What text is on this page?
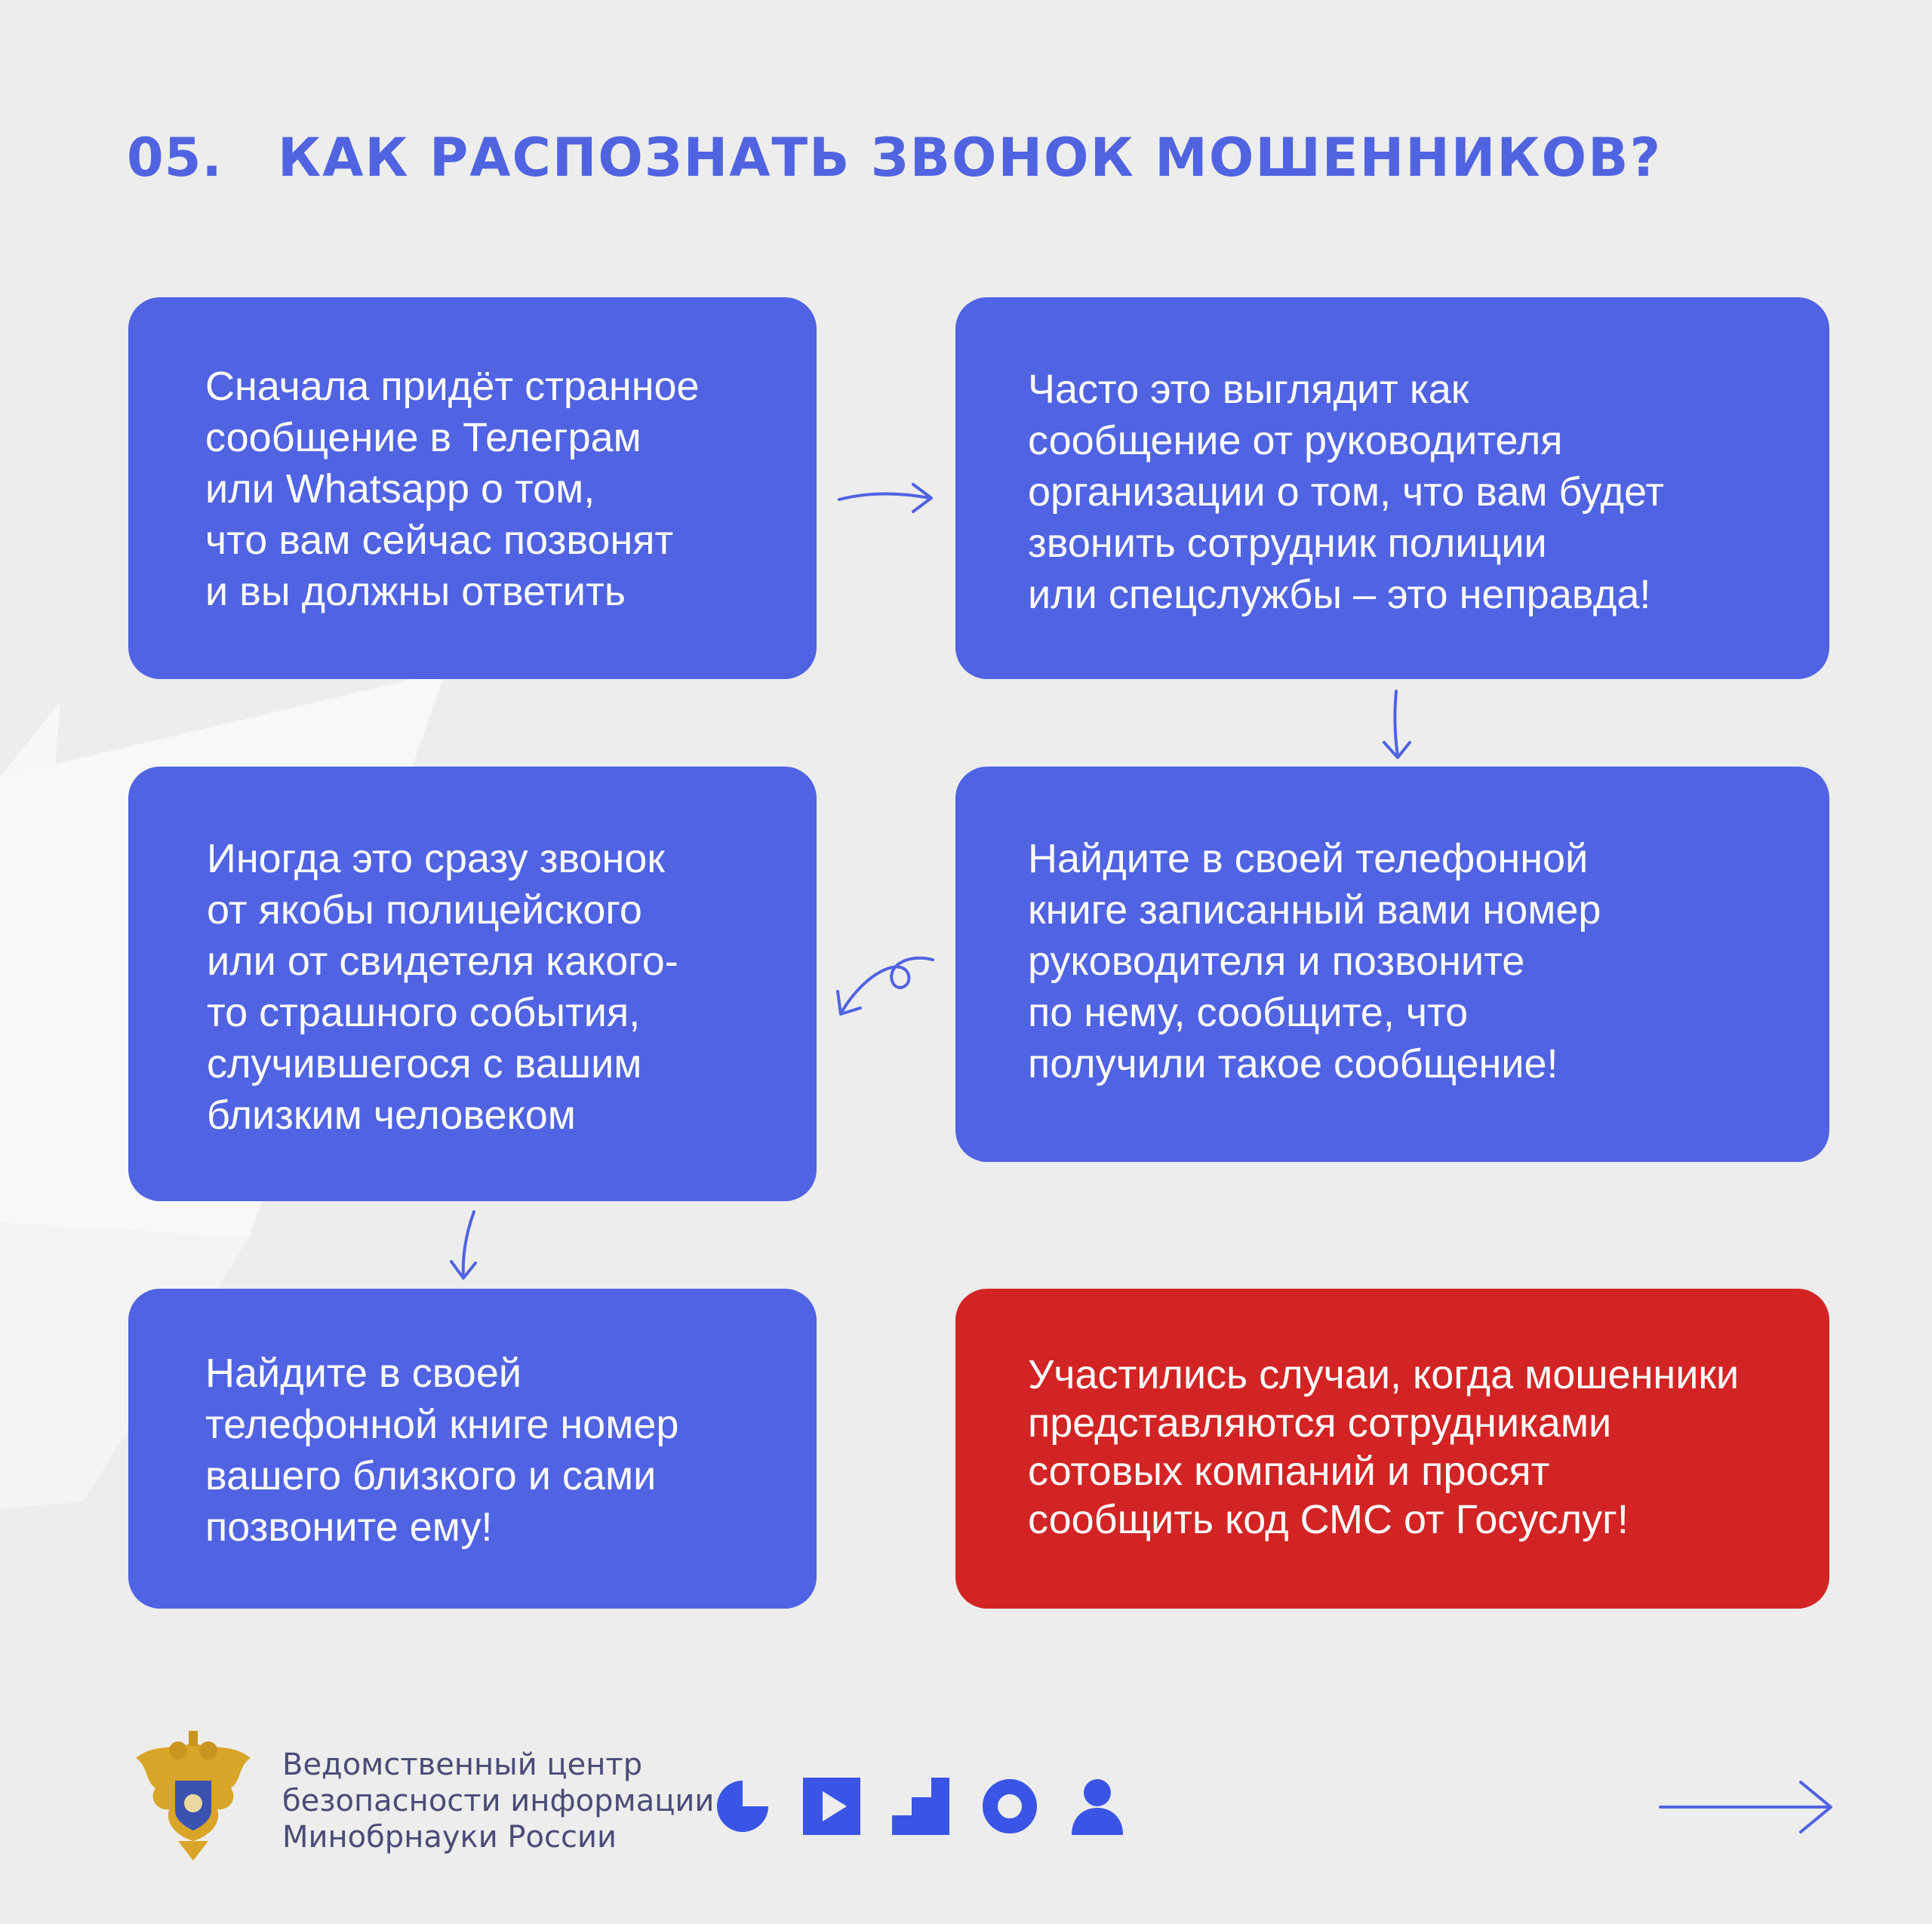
05. КАК РАСПОЗНАТЬ ЗВОНОК МОШЕННИКОВ?
Сначала придёт странное
сообщение в Телеграм
или Whatsapp о том,
что вам сейчас позвонят
и вы должны ответить
Часто это выглядит как
сообщение от руководителя
организации о том, что вам будет
звонить сотрудник полиции
или спецслужбы – это неправда!
Иногда это сразу звонок
от якобы полицейского
или от свидетеля какого-
то страшного события,
случившегося с вашим
близким человеком
Найдите в своей телефонной
книге записанный вами номер
руководителя и позвоните
по нему, сообщите, что
получили такое сообщение!
Найдите в своей
телефонной книге номер
вашего близкого и сами
позвоните ему!
Участились случаи, когда мошенники
представляются сотрудниками
сотовых компаний и просят
сообщить код СМС от Госуслуг!
Ведомственный центр
безопасности информации
Минобрнауки России
